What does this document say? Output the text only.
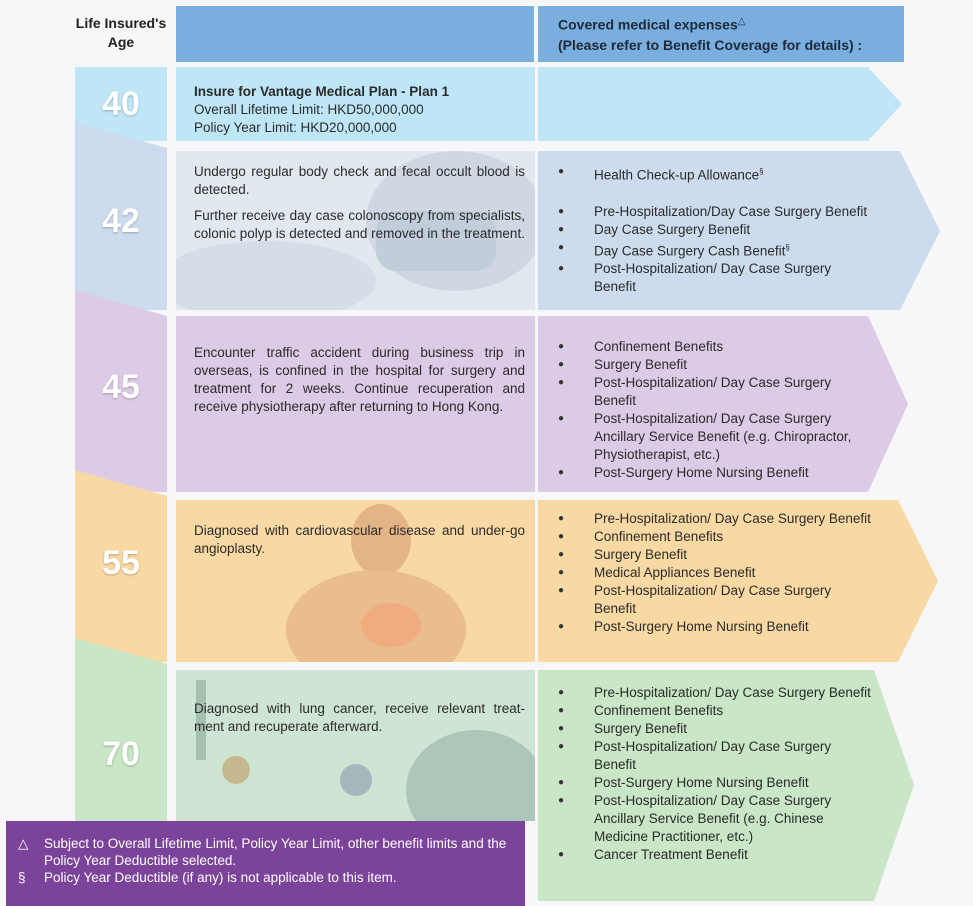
Life Insured's Age
Covered medical expenses△
(Please refer to Benefit Coverage for details) :
40	Insure for Vantage Medical Plan - Plan 1

Overall Lifetime Limit: HKD50,000,000

Policy Year Limit: HKD20,000,000

42

Undergo regular body check and fecal occult blood is detected.

Further receive day case colonoscopy from specialists, colonic polyp is detected and removed in the treatment.

● Health Check-up Allowance§
● Pre-Hospitalization/Day Case Surgery Benefit
● Day Case Surgery Benefit
● Day Case Surgery Cash Benefit§
● Post-Hospitalization/ Day Case Surgery Benefit
45

Encounter traffic accident during business trip in overseas, is confined in the hospital for surgery and treatment for 2 weeks. Continue recuperation and receive physiotherapy after returning to Hong Kong.

● Confinement Benefits
● Surgery Benefit
● Post-Hospitalization/ Day Case Surgery Benefit
● Post-Hospitalization/ Day Case Surgery Ancillary Service Benefit (e.g. Chiropractor, Physiotherapist, etc.)
● Post-Surgery Home Nursing Benefit
55

Diagnosed with cardiovascular disease and under-go angioplasty.

● Pre-Hospitalization/ Day Case Surgery Benefit
● Confinement Benefits
● Surgery Benefit
● Medical Appliances Benefit
● Post-Hospitalization/ Day Case Surgery Benefit
● Post-Surgery Home Nursing Benefit
70

Diagnosed with lung cancer, receive relevant treat-ment and recuperate afterward.

● Pre-Hospitalization/ Day Case Surgery Benefit
● Confinement Benefits
● Surgery Benefit
● Post-Hospitalization/ Day Case Surgery Benefit
● Post-Surgery Home Nursing Benefit
● Post-Hospitalization/ Day Case Surgery Ancillary Service Benefit (e.g. Chinese Medicine Practitioner, etc.)
● Cancer Treatment Benefit
△ Subject to Overall Lifetime Limit, Policy Year Limit, other benefit limits and the Policy Year Deductible selected.
§ Policy Year Deductible (if any) is not applicable to this item.
